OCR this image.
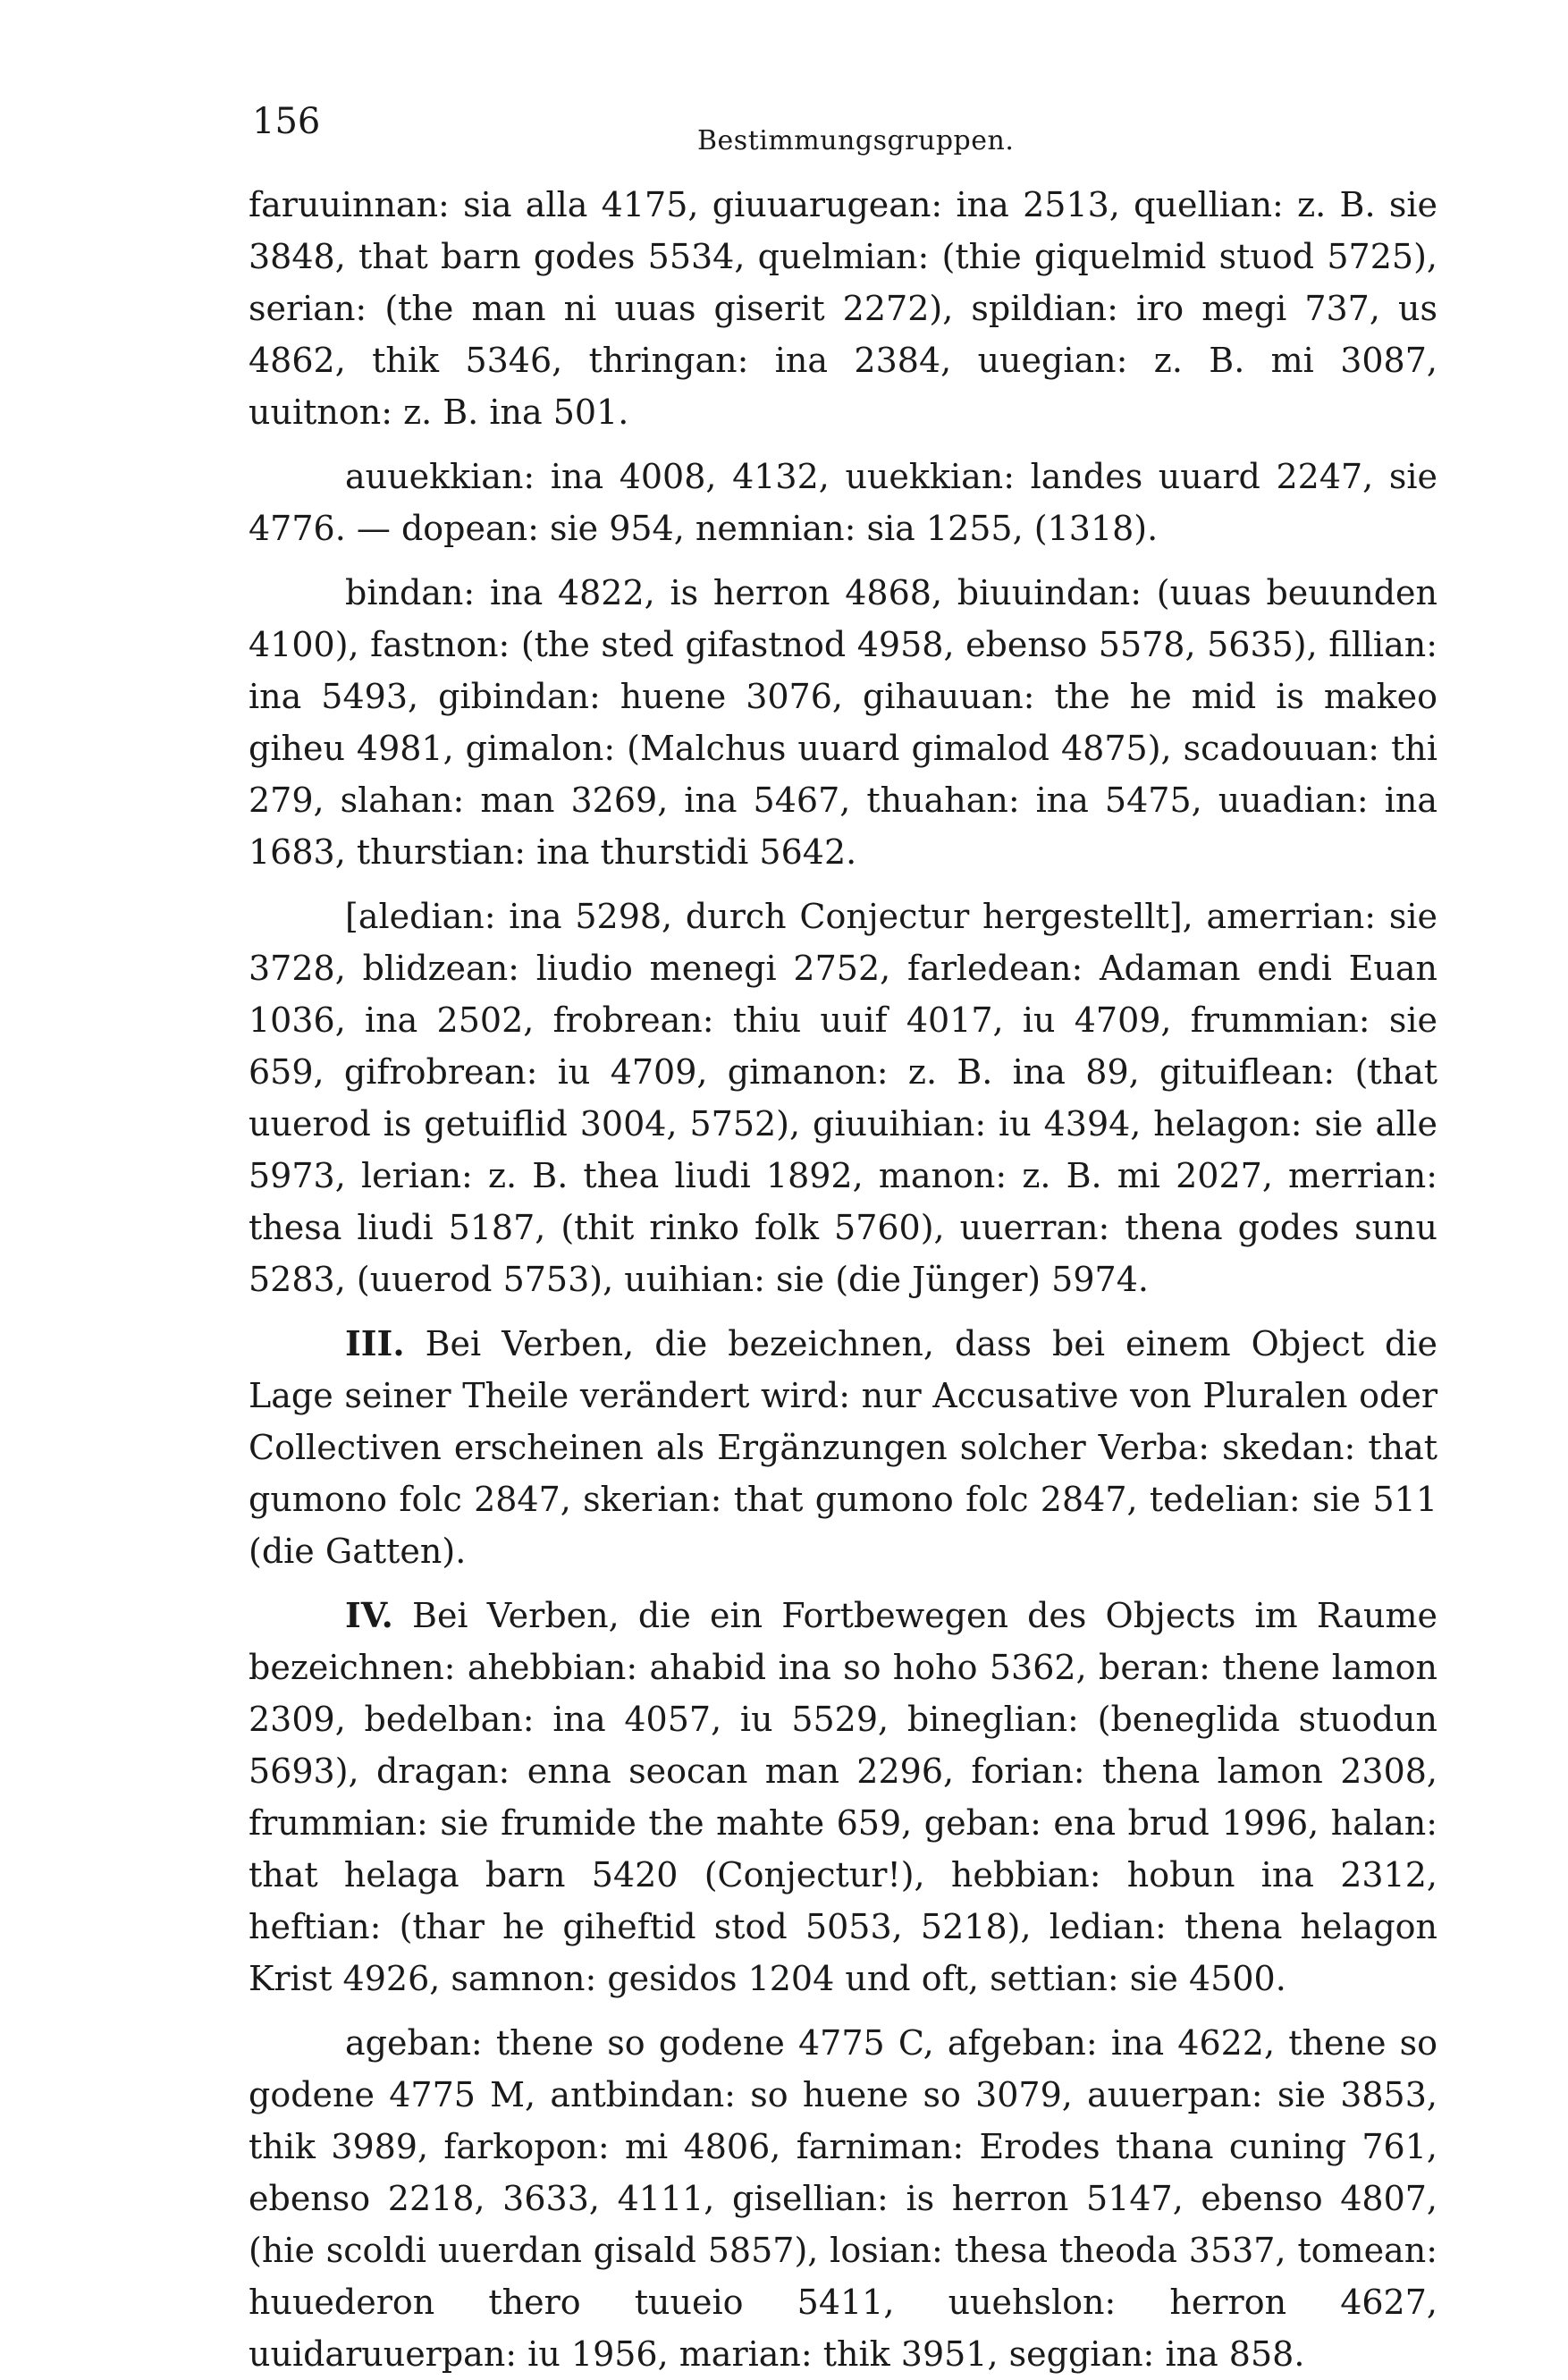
156	Bestimmungsgruppen.

faruuinnan: sia alla 4175, giuuarugean: ina 2513, quellian: z. B. sie 3848, that barn godes 5534, quelmian: (thie giquelmid stuod 5725), serian: (the man ni uuas giserit 2272), spildian: iro megi 737, us 4862, thik 5346, thringan: ina 2384, uuegian: z. B. mi 3087, uuitnon: z. B. ina 501.

auuekkian: ina 4008, 4132, uuekkian: landes uuard 2247, sie 4776. — dopean: sie 954, nemnian: sia 1255, (1318).

bindan: ina 4822, is herron 4868, biuuindan: (uuas beuunden 4100), fastnon: (the sted gifastnod 4958, ebenso 5578, 5635), fillian: ina 5493, gibindan: huene 3076, gihauuan: the he mid is makeo giheu 4981, gimalon: (Malchus uuard gimalod 4875), scadouuan: thi 279, slahan: man 3269, ina 5467, thuahan: ina 5475, uuadian: ina 1683, thurstian: ina thurstidi 5642.

[aledian: ina 5298, durch Conjectur hergestellt], amerrian: sie 3728, blidzean: liudio menegi 2752, farledean: Adaman endi Euan 1036, ina 2502, frobrean: thiu uuif 4017, iu 4709, frummian: sie 659, gifrobrean: iu 4709, gimanon: z. B. ina 89, gituiflean: (that uuerod is getuiflid 3004, 5752), giuuihian: iu 4394, helagon: sie alle 5973, lerian: z. B. thea liudi 1892, manon: z. B. mi 2027, merrian: thesa liudi 5187, (thit rinko folk 5760), uuerran: thena godes sunu 5283, (uuerod 5753), uuihian: sie (die Jünger) 5974.

III. Bei Verben, die bezeichnen, dass bei einem Object die Lage seiner Theile verändert wird: nur Accusative von Pluralen oder Collectiven erscheinen als Ergänzungen solcher Verba: skedan: that gumono folc 2847, skerian: that gumono folc 2847, tedelian: sie 511 (die Gatten).

IV. Bei Verben, die ein Fortbewegen des Objects im Raume bezeichnen: ahebbian: ahabid ina so hoho 5362, beran: thene lamon 2309, bedelban: ina 4057, iu 5529, bineglian: (beneglida stuodun 5693), dragan: enna seocan man 2296, forian: thena lamon 2308, frummian: sie frumide the mahte 659, geban: ena brud 1996, halan: that helaga barn 5420 (Conjectur!), hebbian: hobun ina 2312, heftian: (thar he giheftid stod 5053, 5218), ledian: thena helagon Krist 4926, samnon: gesidos 1204 und oft, settian: sie 4500.

ageban: thene so godene 4775 C, afgeban: ina 4622, thene so godene 4775 M, antbindan: so huene so 3079, auuerpan: sie 3853, thik 3989, farkopon: mi 4806, farniman: Erodes thana cuning 761, ebenso 2218, 3633, 4111, gisellian: is herron 5147, ebenso 4807, (hie scoldi uuerdan gisald 5857), losian: thesa theoda 3537, tomean: huuederon thero tuueio 5411, uuehslon: herron 4627, uuidaruuerpan: iu 1956, marian: thik 3951, seggian: ina 858.
